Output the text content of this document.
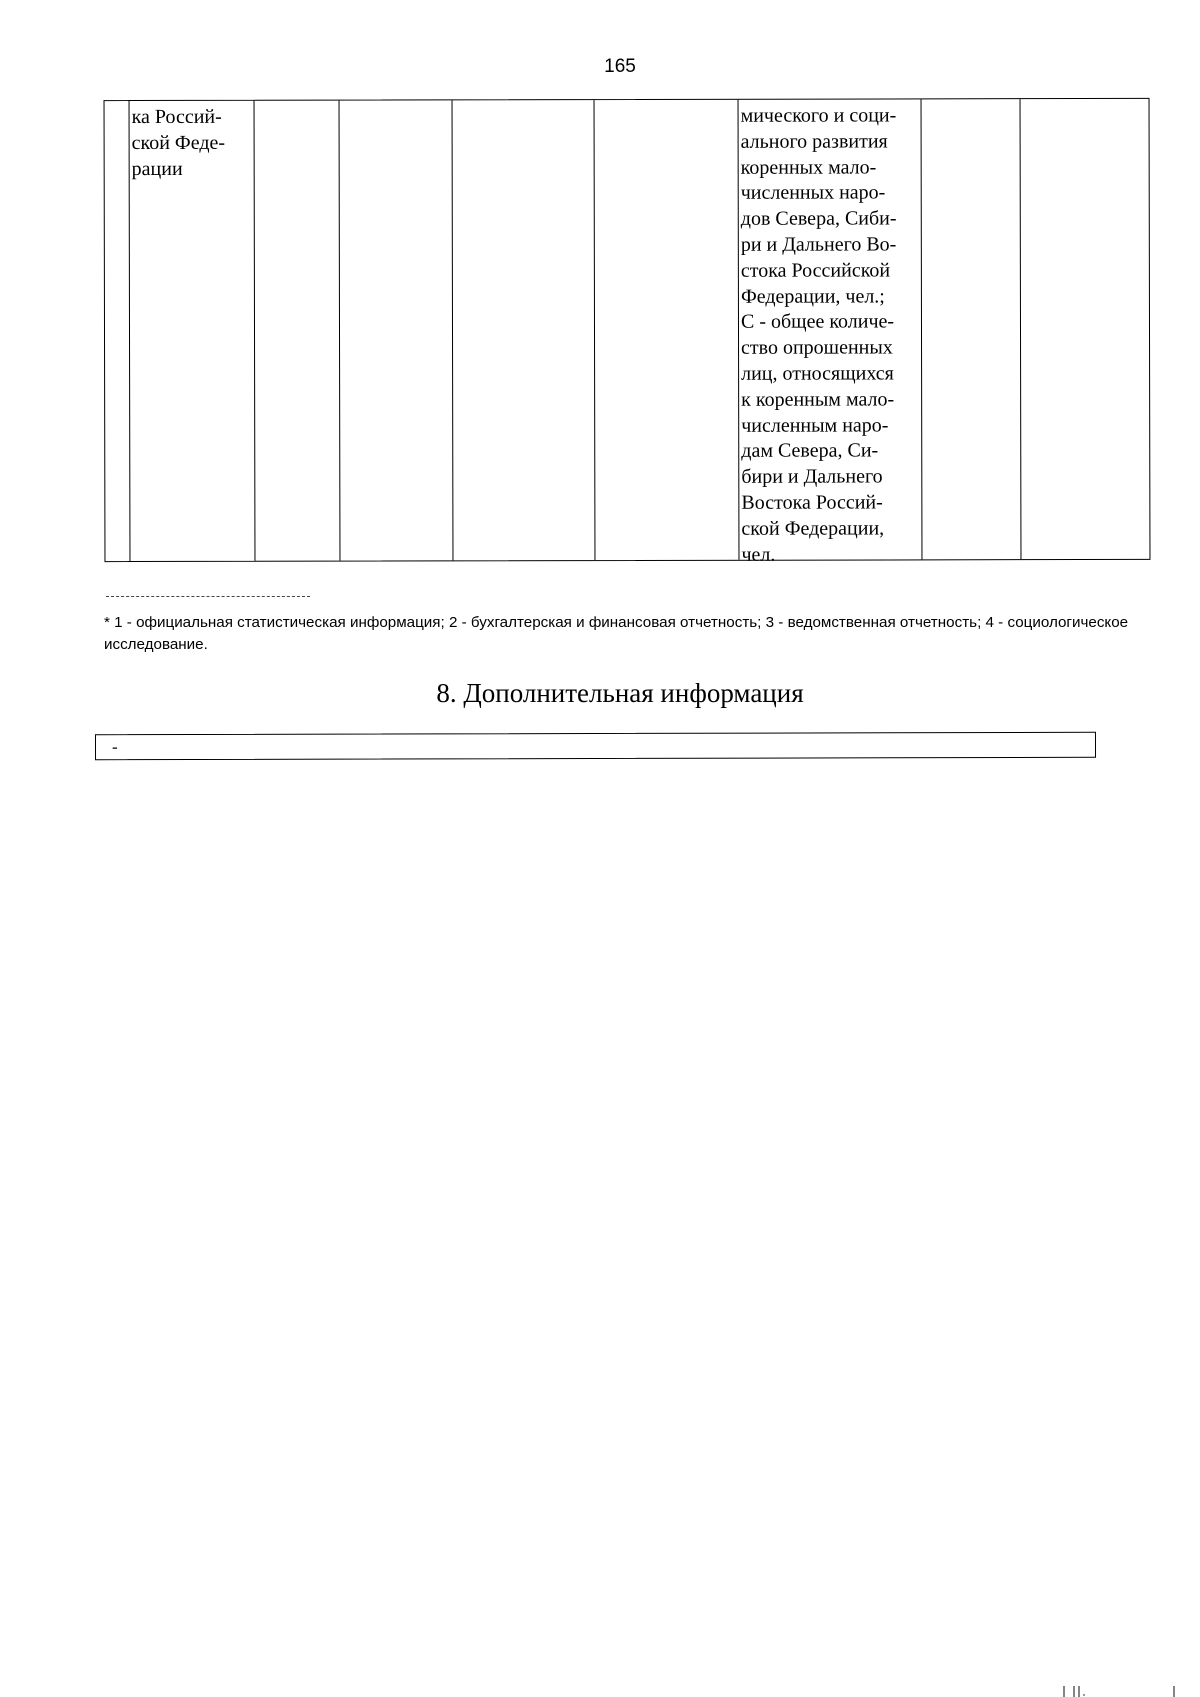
165
ка Россий-
ской Феде-
рации
мического и соци-
ального развития
коренных мало-
численных наро-
дов Севера, Сиби-
ри и Дальнего Во-
стока Российской
Федерации, чел.;
С - общее количе-
ство опрошенных
лиц, относящихся
к коренным мало-
численным наро-
дам Севера, Си-
бири и Дальнего
Востока Россий-
ской Федерации,
чел.
* 1 - официальная статистическая информация; 2 - бухгалтерская и финансовая отчетность; 3 - ведомственная отчетность; 4 - социологическое исследование.
8. Дополнительная информация
-
